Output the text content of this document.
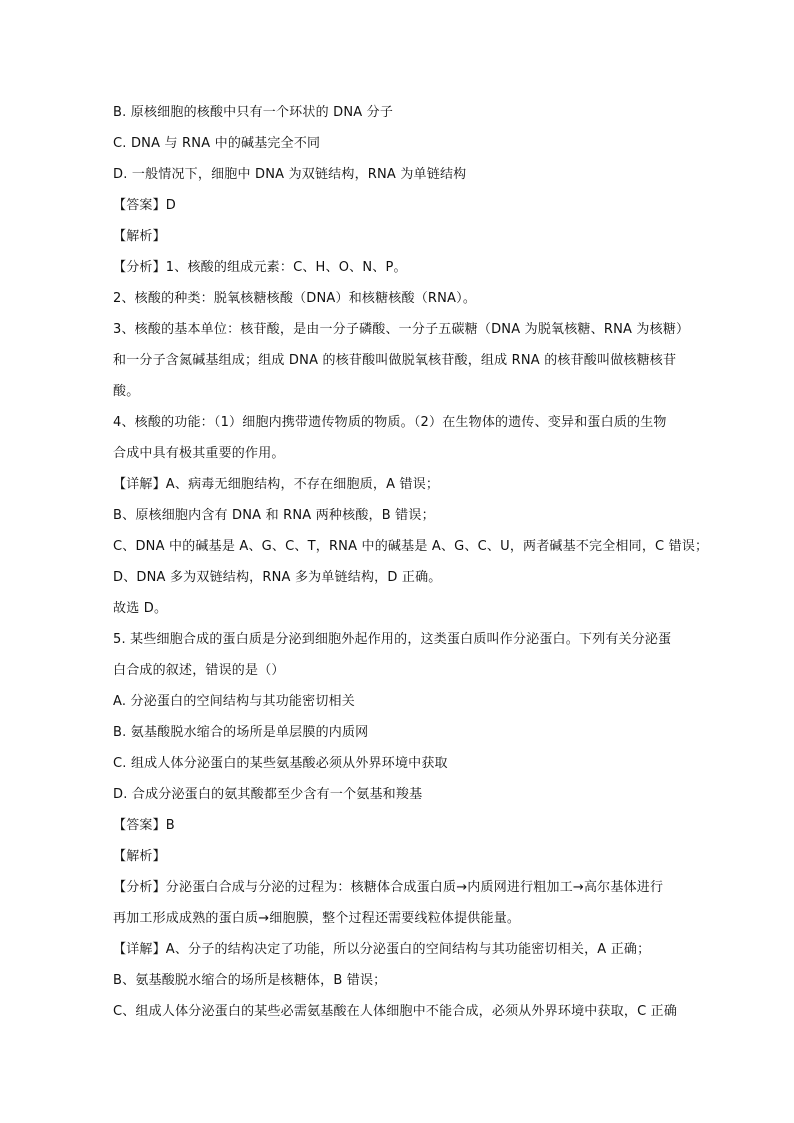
B. 原核细胞的核酸中只有一个环状的 DNA 分子
C. DNA 与 RNA 中的碱基完全不同
D. 一般情况下，细胞中 DNA 为双链结构，RNA 为单链结构
【答案】D
【解析】
【分析】1、核酸的组成元素：C、H、O、N、P。
2、核酸的种类：脱氧核糖核酸（DNA）和核糖核酸（RNA）。
3、核酸的基本单位：核苷酸，是由一分子磷酸、一分子五碳糖（DNA 为脱氧核糖、RNA 为核糖）
和一分子含氮碱基组成；组成 DNA 的核苷酸叫做脱氧核苷酸，组成 RNA 的核苷酸叫做核糖核苷
酸。
4、核酸的功能：（1）细胞内携带遗传物质的物质。（2）在生物体的遗传、变异和蛋白质的生物
合成中具有极其重要的作用。
【详解】A、病毒无细胞结构，不存在细胞质，A 错误；
B、原核细胞内含有 DNA 和 RNA 两种核酸，B 错误；
C、DNA 中的碱基是 A、G、C、T，RNA 中的碱基是 A、G、C、U，两者碱基不完全相同，C 错误；
D、DNA 多为双链结构，RNA 多为单链结构，D 正确。
故选 D。
5. 某些细胞合成的蛋白质是分泌到细胞外起作用的，这类蛋白质叫作分泌蛋白。下列有关分泌蛋
白合成的叙述，错误的是（）
A. 分泌蛋白的空间结构与其功能密切相关
B. 氨基酸脱水缩合的场所是单层膜的内质网
C. 组成人体分泌蛋白的某些氨基酸必须从外界环境中获取
D. 合成分泌蛋白的氨其酸都至少含有一个氨基和羧基
【答案】B
【解析】
【分析】分泌蛋白合成与分泌的过程为：核糖体合成蛋白质→内质网进行粗加工→高尔基体进行
再加工形成成熟的蛋白质→细胞膜，整个过程还需要线粒体提供能量。
【详解】A、分子的结构决定了功能，所以分泌蛋白的空间结构与其功能密切相关，A 正确；
B、氨基酸脱水缩合的场所是核糖体，B 错误；
C、组成人体分泌蛋白的某些必需氨基酸在人体细胞中不能合成，必须从外界环境中获取，C 正确
